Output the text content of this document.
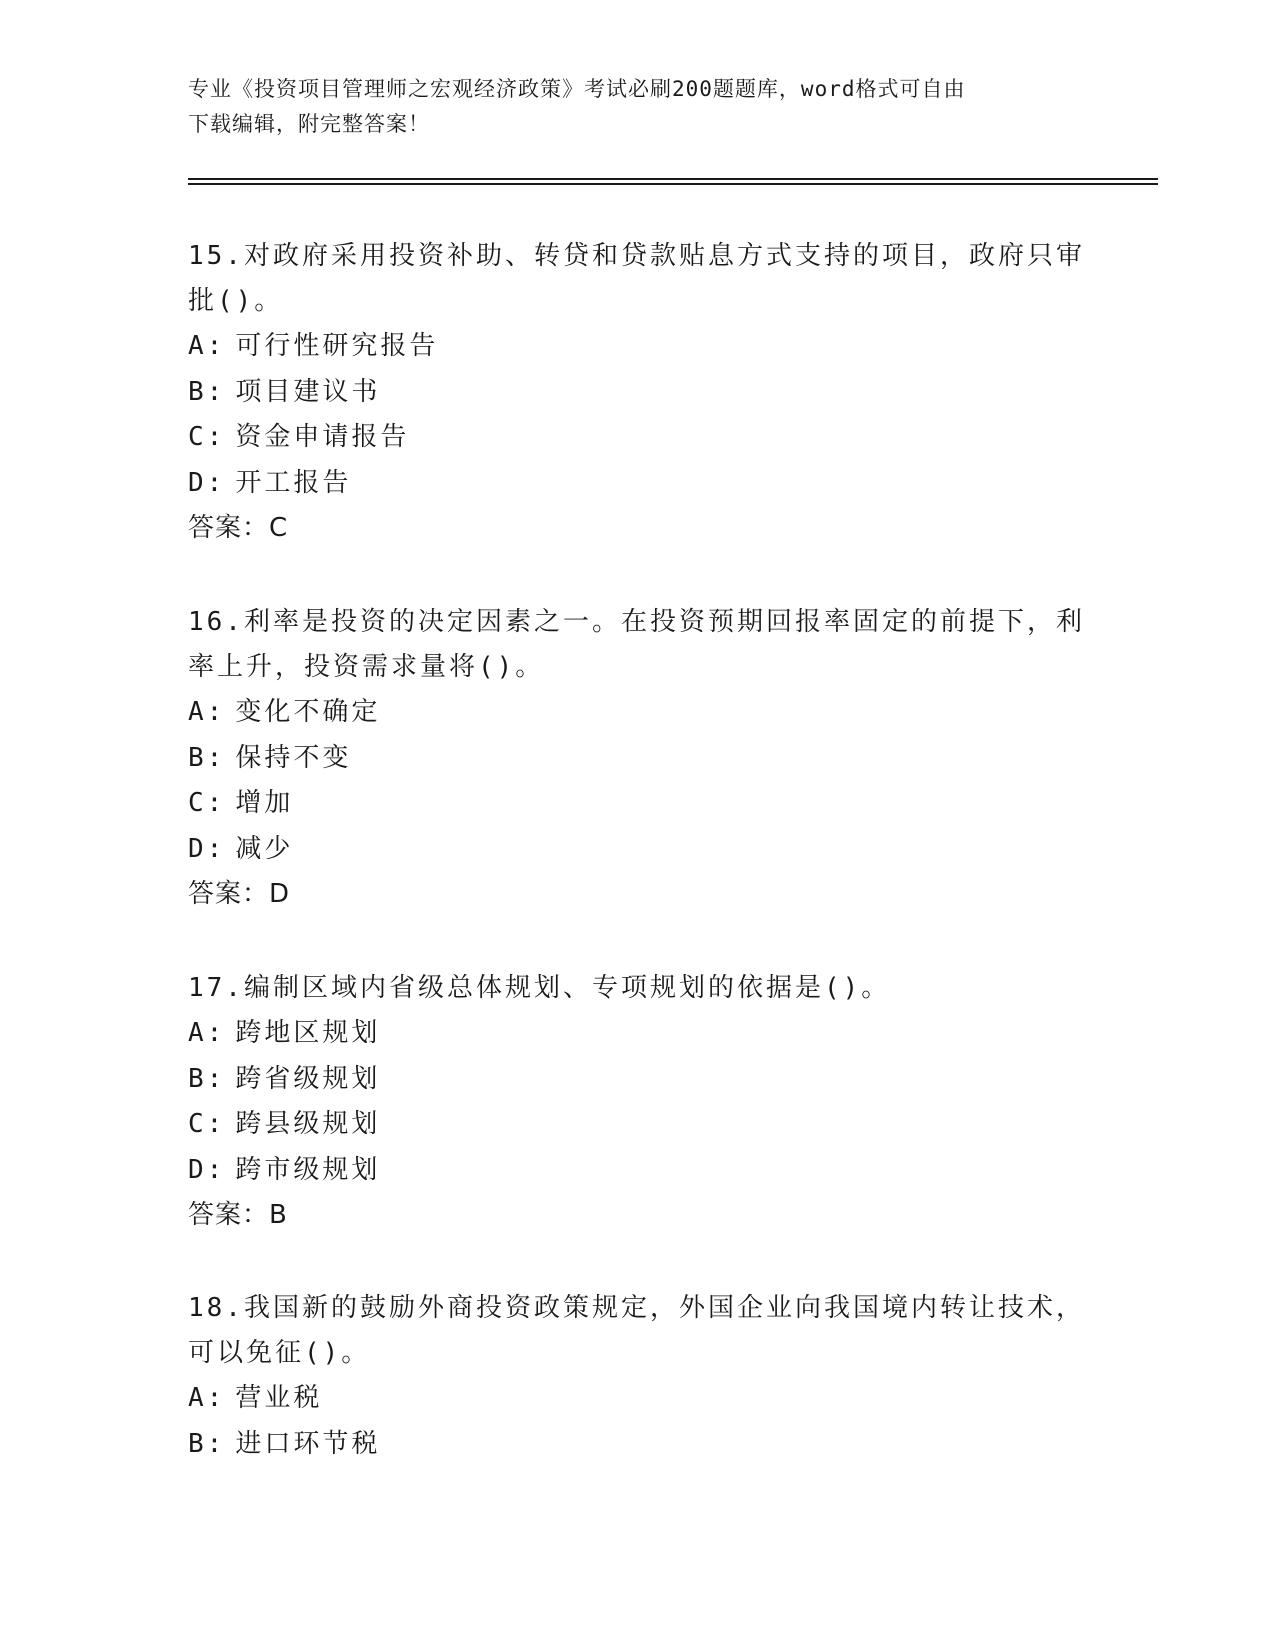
专业《投资项目管理师之宏观经济政策》考试必刷200题题库，word格式可自由
下载编辑，附完整答案！

15.对政府采用投资补助、转贷和贷款贴息方式支持的项目，政府只审

批()。

A: 可行性研究报告

B: 项目建议书

C: 资金申请报告

D: 开工报告

答案：C

16.利率是投资的决定因素之一。在投资预期回报率固定的前提下，利

率上升，投资需求量将()。

A: 变化不确定

B: 保持不变

C: 增加

D: 减少

答案：D

17.编制区域内省级总体规划、专项规划的依据是()。

A: 跨地区规划

B: 跨省级规划

C: 跨县级规划

D: 跨市级规划

答案：B

18.我国新的鼓励外商投资政策规定，外国企业向我国境内转让技术，

可以免征()。

A: 营业税

B: 进口环节税
